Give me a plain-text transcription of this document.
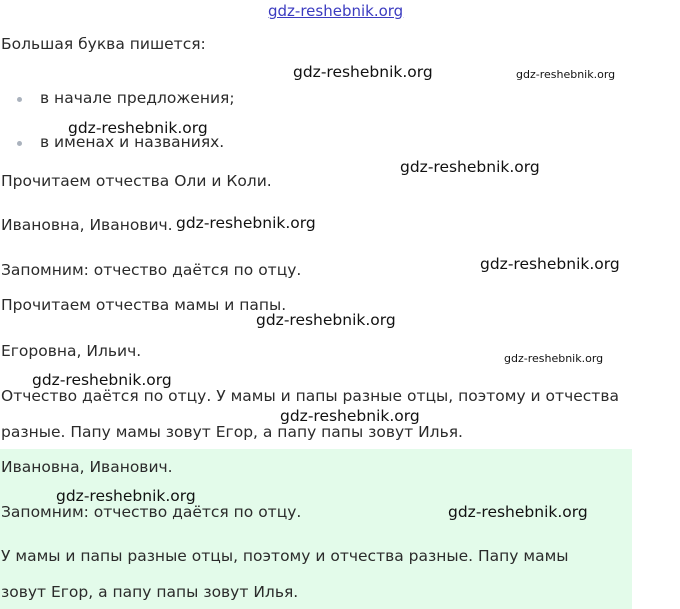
gdz-reshebnik.org
Большая буква пишется:
в начале предложения;
в именах и названиях.
Прочитаем отчества Оли и Коли.
Ивановна, Иванович.
Запомним: отчество даётся по отцу.
Прочитаем отчества мамы и папы.
Егоровна, Ильич.
Отчество даётся по отцу. У мамы и папы разные отцы, поэтому и отчества
разные. Папу мамы зовут Егор, а папу папы зовут Илья.
Ивановна, Иванович.
Запомним: отчество даётся по отцу.
У мамы и папы разные отцы, поэтому и отчества разные. Папу мамы
зовут Егор, а папу папы зовут Илья.
gdz-reshebnik.org	gdz-reshebnik.org
gdz-reshebnik.org
gdz-reshebnik.org
gdz-reshebnik.org
gdz-reshebnik.org
gdz-reshebnik.org
gdz-reshebnik.org
gdz-reshebnik.org
gdz-reshebnik.org
gdz-reshebnik.org
gdz-reshebnik.org
